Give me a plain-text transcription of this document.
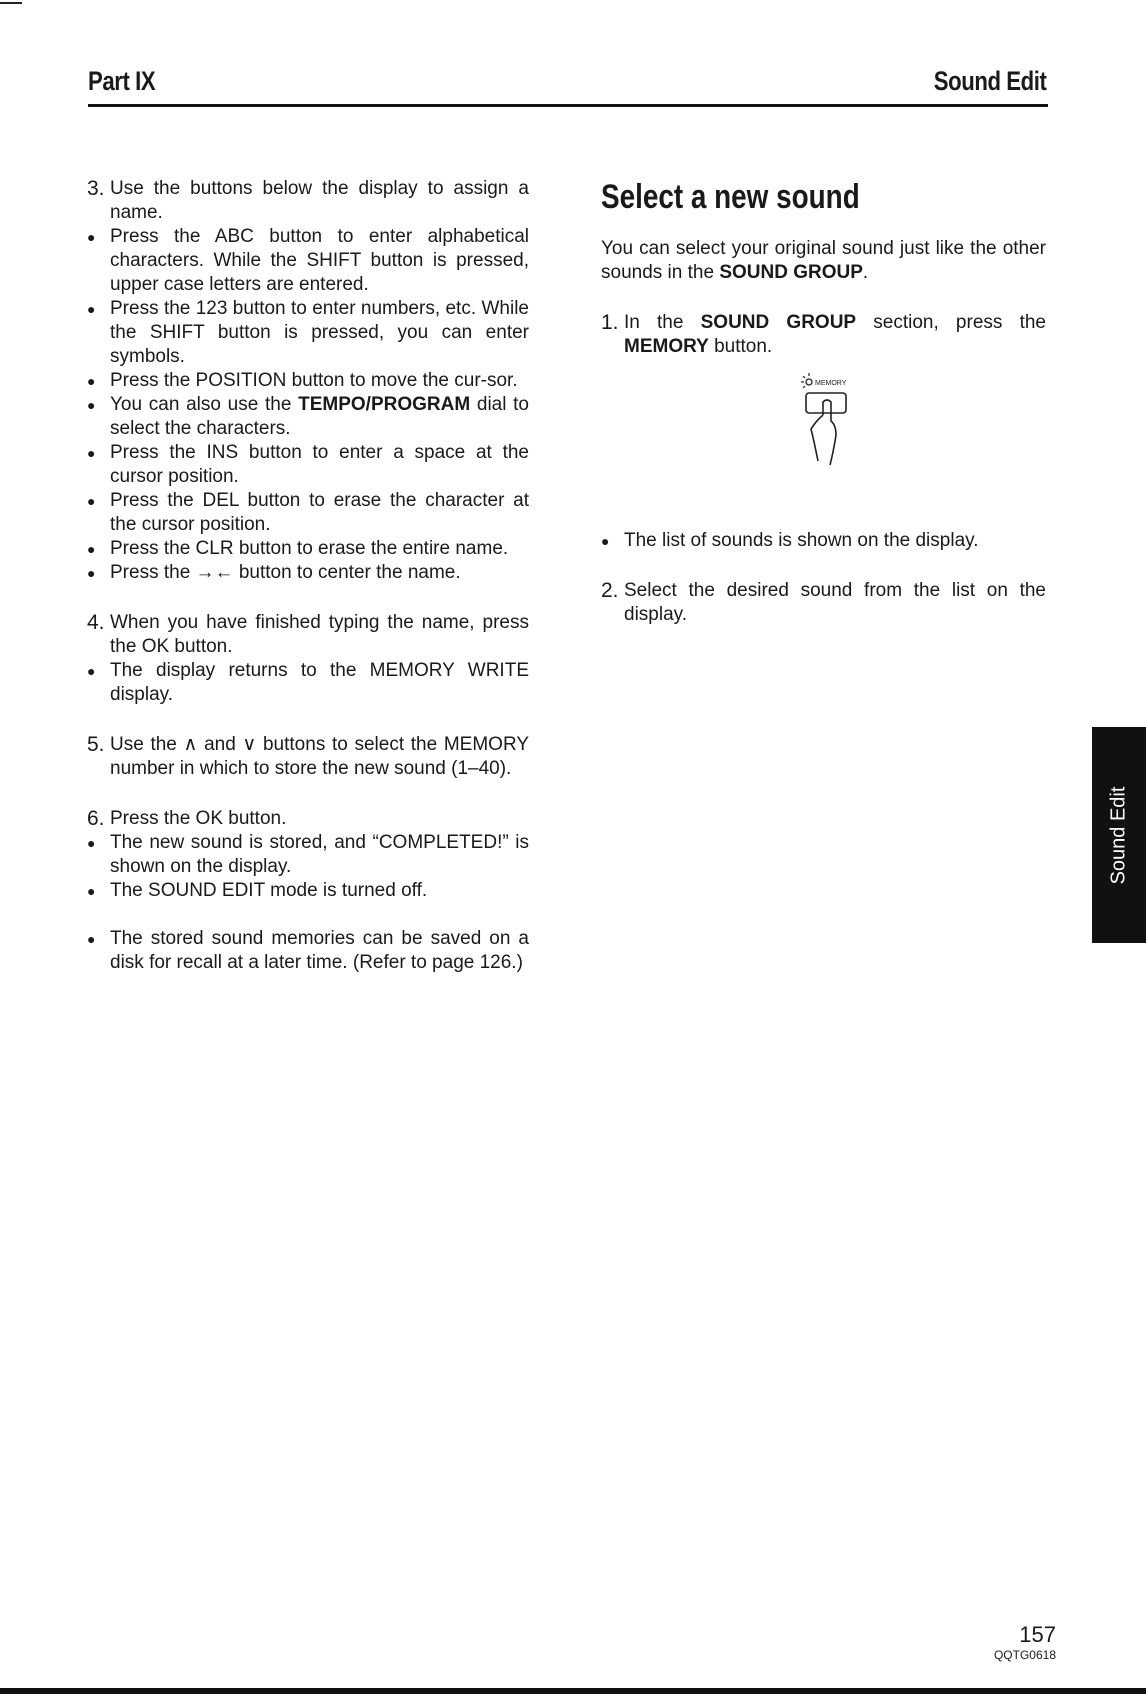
Part IX	Sound Edit
3. Use the buttons below the display to assign a name.
● Press the ABC button to enter alphabetical characters. While the SHIFT button is pressed, upper case letters are entered.
● Press the 123 button to enter numbers, etc. While the SHIFT button is pressed, you can enter symbols.
● Press the POSITION button to move the cur-sor.
● You can also use the TEMPO/PROGRAM dial to select the characters.
● Press the INS button to enter a space at the cursor position.
● Press the DEL button to erase the character at the cursor position.
● Press the CLR button to erase the entire name.
● Press the →← button to center the name.
4. When you have finished typing the name, press the OK button.
● The display returns to the MEMORY WRITE display.
5. Use the ∧ and ∨ buttons to select the MEMORY number in which to store the new sound (1–40).
6. Press the OK button.
● The new sound is stored, and “COMPLETED!” is shown on the display.
● The SOUND EDIT mode is turned off.
● The stored sound memories can be saved on a disk for recall at a later time. (Refer to page 126.)
Select a new sound
You can select your original sound just like the other sounds in the SOUND GROUP.
1. In the SOUND GROUP section, press the MEMORY button.
MEMORY
● The list of sounds is shown on the display.
2. Select the desired sound from the list on the display.
Sound Edit
157
QQTG0618
